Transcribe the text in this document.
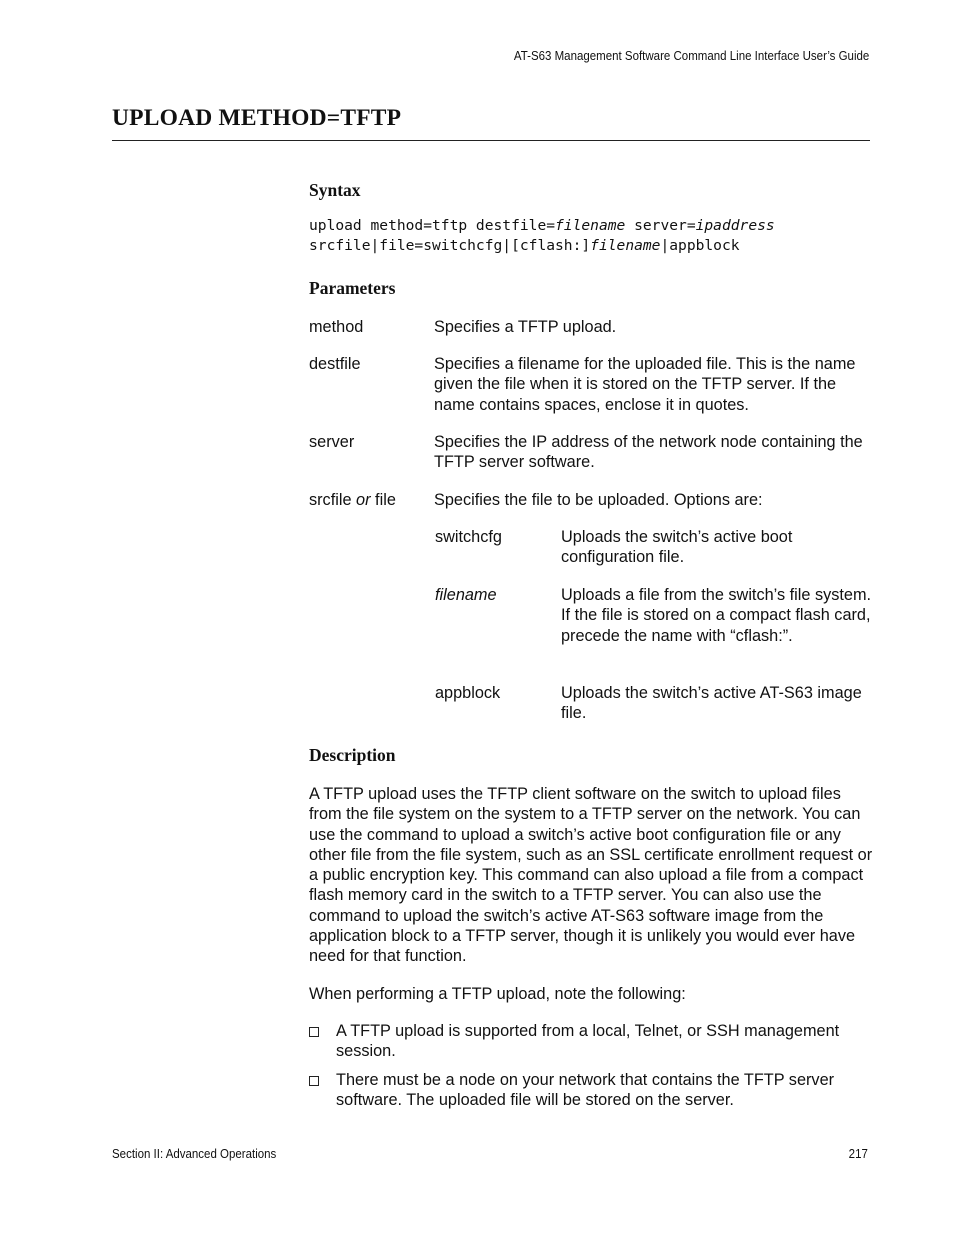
AT-S63 Management Software Command Line Interface User’s Guide
UPLOAD METHOD=TFTP
Syntax
upload method=tftp destfile=filename server=ipaddress
srcfile|file=switchcfg|[cflash:]filename|appblock
Parameters
method	Specifies a TFTP upload.
destfile	Specifies a filename for the uploaded file. This is the name given the file when it is stored on the TFTP server. If the name contains spaces, enclose it in quotes.
server	Specifies the IP address of the network node containing the TFTP server software.
srcfile or file Specifies the file to be uploaded. Options are:
switchcfg	Uploads the switch’s active boot configuration file.
filename	Uploads a file from the switch’s file system. If the file is stored on a compact flash card, precede the name with “cflash:”.
appblock	Uploads the switch’s active AT-S63 image file.
Description
A TFTP upload uses the TFTP client software on the switch to upload files from the file system on the system to a TFTP server on the network. You can use the command to upload a switch’s active boot configuration file or any other file from the file system, such as an SSL certificate enrollment request or a public encryption key. This command can also upload a file from a compact flash memory card in the switch to a TFTP server. You can also use the command to upload the switch’s active AT-S63 software image from the application block to a TFTP server, though it is unlikely you would ever have need for that function.
When performing a TFTP upload, note the following:
A TFTP upload is supported from a local, Telnet, or SSH management session.
There must be a node on your network that contains the TFTP server software. The uploaded file will be stored on the server.
Section II: Advanced Operations	217
